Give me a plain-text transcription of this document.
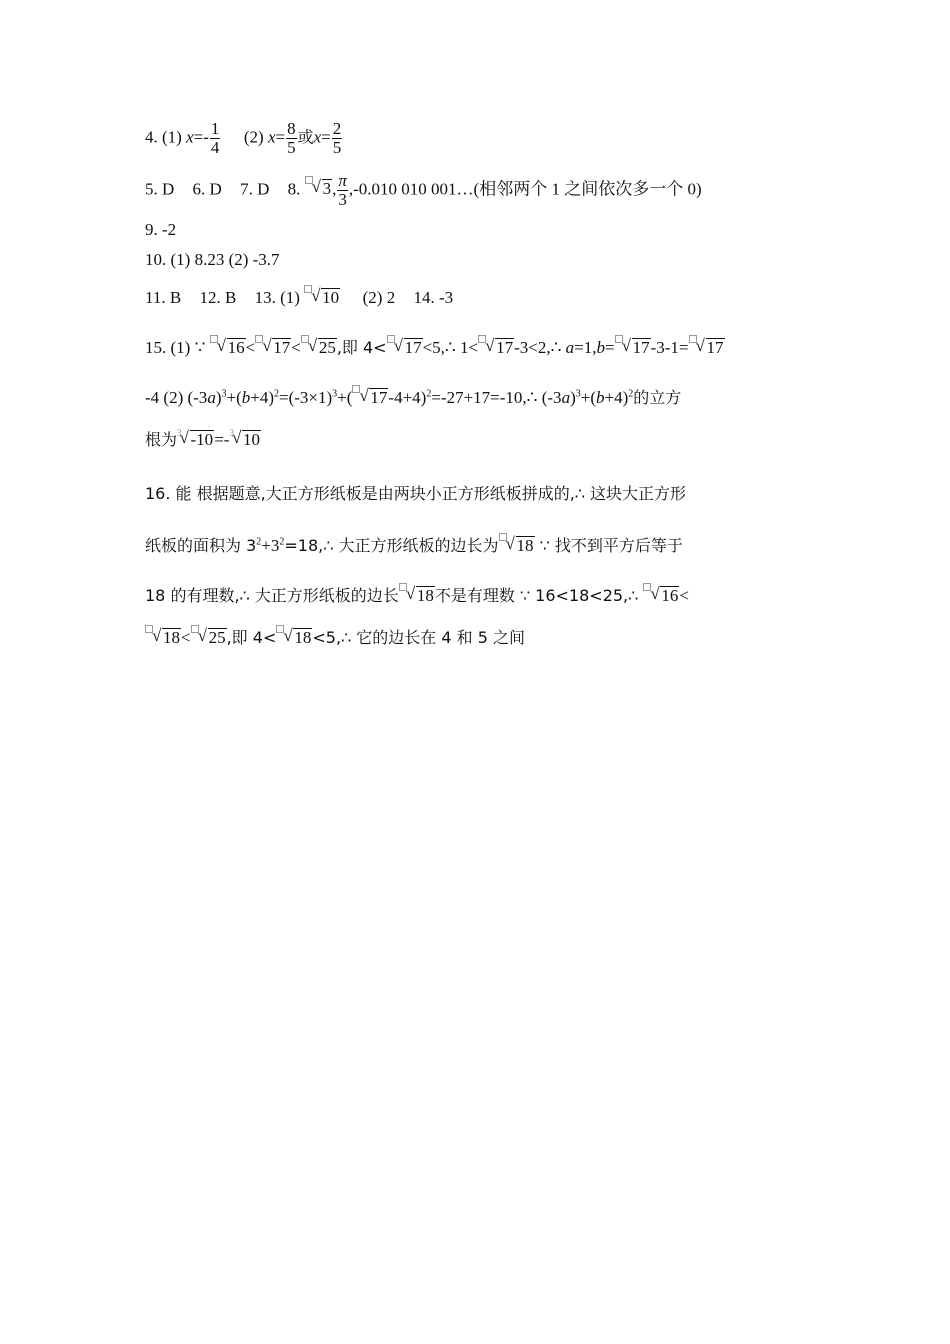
4. (1) $x=- \frac{1}{4} (2)$ $x= \frac{8}{5}$ 或$x= \frac{2}{5}$
5. D 6. D 7. D 8. √ 3, $\frac{\pi}{3} ,-0.010$ 010 001…(相邻两个 1 之间依次多一个 0)
9. -2
10. (1) 8.23 (2) -3.7
11. B 12. B 13. (1) √ 10 (2) 2 14. -3
15. (1) ∵ √ 16<√ 17<√ 25,即 4<√ 17<5,∴ 1<√ 17-3<2,∴ a=1,b=√ 17-3-1=√ 17
-4 (2) $(-3a)^3+(b+4)^2=(-3\times 1)^3+(√$ 17-4+4)$^2$=-27+17=-10,∴ $(-3a)^3+(b+4)^2$的立方
根为$^3$√ -10=-$^3$√ 10
16. 能 根据题意,大正方形纸板是由两块小正方形纸板拼成的,∴ 这块大正方形
纸板的面积为 $3^2+3^2=18,\therefore$ 大正方形纸板的边长为√ 18 ∵ 找不到平方后等于
18 的有理数,∴ 大正方形纸板的边长√ 18不是有理数 ∵ 16<18<25,∴ √ 16<
√ 18<√ 25,即 4<√ 18<5,∴ 它的边长在 4 和 5 之间
